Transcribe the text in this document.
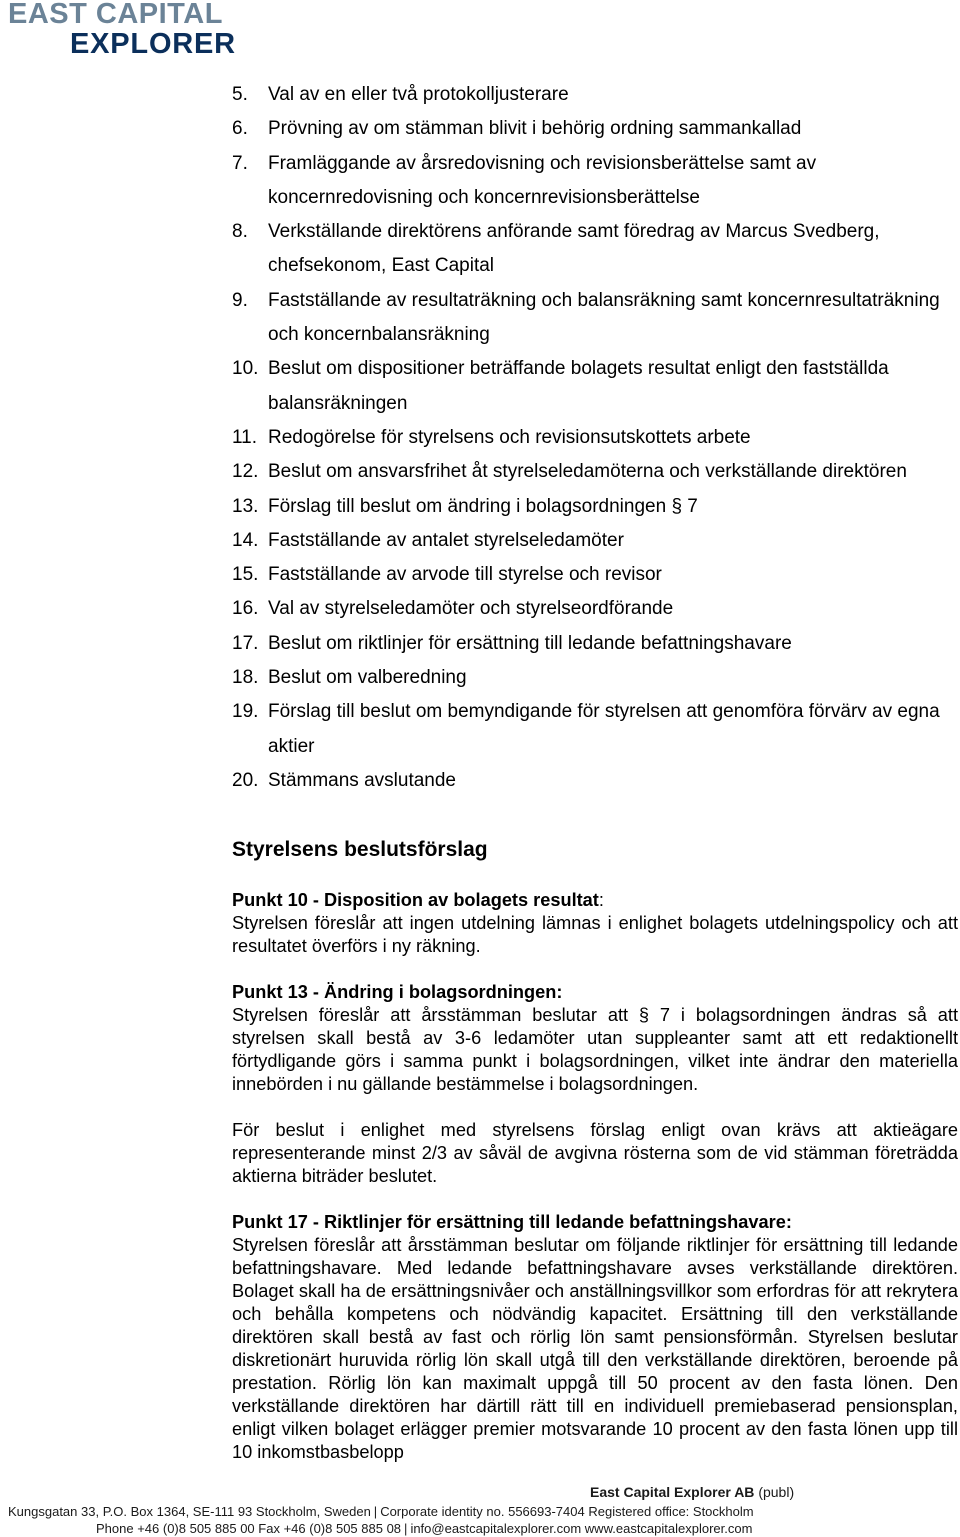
EAST CAPITAL
EXPLORER
5.	Val av en eller två protokolljusterare
6.	Prövning av om stämman blivit i behörig ordning sammankallad
7.	Framläggande av årsredovisning och revisionsberättelse samt av koncernredovisning och koncernrevisionsberättelse
8.	Verkställande direktörens anförande samt föredrag av Marcus Svedberg, chefsekonom, East Capital
9.	Fastställande av resultaträkning och balansräkning samt koncernresultaträkning och koncernbalansräkning
10. Beslut om dispositioner beträffande bolagets resultat enligt den fastställda balansräkningen
11. Redogörelse för styrelsens och revisionsutskottets arbete
12. Beslut om ansvarsfrihet åt styrelseledamöterna och verkställande direktören
13. Förslag till beslut om ändring i bolagsordningen § 7
14. Fastställande av antalet styrelseledamöter
15. Fastställande av arvode till styrelse och revisor
16. Val av styrelseledamöter och styrelseordförande
17. Beslut om riktlinjer för ersättning till ledande befattningshavare
18. Beslut om valberedning
19. Förslag till beslut om bemyndigande för styrelsen att genomföra förvärv av egna aktier
20. Stämmans avslutande
Styrelsens beslutsförslag
Punkt 10 - Disposition av bolagets resultat:

Styrelsen föreslår att ingen utdelning lämnas i enlighet bolagets utdelningspolicy och att resultatet överförs i ny räkning.

Punkt 13 - Ändring i bolagsordningen:

Styrelsen föreslår att årsstämman beslutar att § 7 i bolagsordningen ändras så att styrelsen skall bestå av 3-6 ledamöter utan suppleanter samt att ett redaktionellt förtydligande görs i samma punkt i bolagsordningen, vilket inte ändrar den materiella innebörden i nu gällande bestämmelse i bolagsordningen.

För beslut i enlighet med styrelsens förslag enligt ovan krävs att aktieägare representerande minst 2/3 av såväl de avgivna rösterna som de vid stämman företrädda aktierna biträder beslutet.

Punkt 17 - Riktlinjer för ersättning till ledande befattningshavare:

Styrelsen föreslår att årsstämman beslutar om följande riktlinjer för ersättning till ledande befattningshavare. Med ledande befattningshavare avses verkställande direktören. Bolaget skall ha de ersättningsnivåer och anställningsvillkor som erfordras för att rekrytera och behålla kompetens och nödvändig kapacitet. Ersättning till den verkställande direktören skall bestå av fast och rörlig lön samt pensionsförmån. Styrelsen beslutar diskretionärt huruvida rörlig lön skall utgå till den verkställande direktören, beroende på prestation. Rörlig lön kan maximalt uppgå till 50 procent av den fasta lönen. Den verkställande direktören har därtill rätt till en individuell premiebaserad pensionsplan, enligt vilken bolaget erlägger premier motsvarande 10 procent av den fasta lönen upp till 10 inkomstbasbelopp

East Capital Explorer AB (publ)
Kungsgatan 33, P.O. Box 1364, SE-111 93 Stockholm, Sweden | Corporate identity no. 556693-7404 Registered office: Stockholm
Phone +46 (0)8 505 885 00 Fax +46 (0)8 505 885 08 | info@eastcapitalexplorer.com www.eastcapitalexplorer.com
